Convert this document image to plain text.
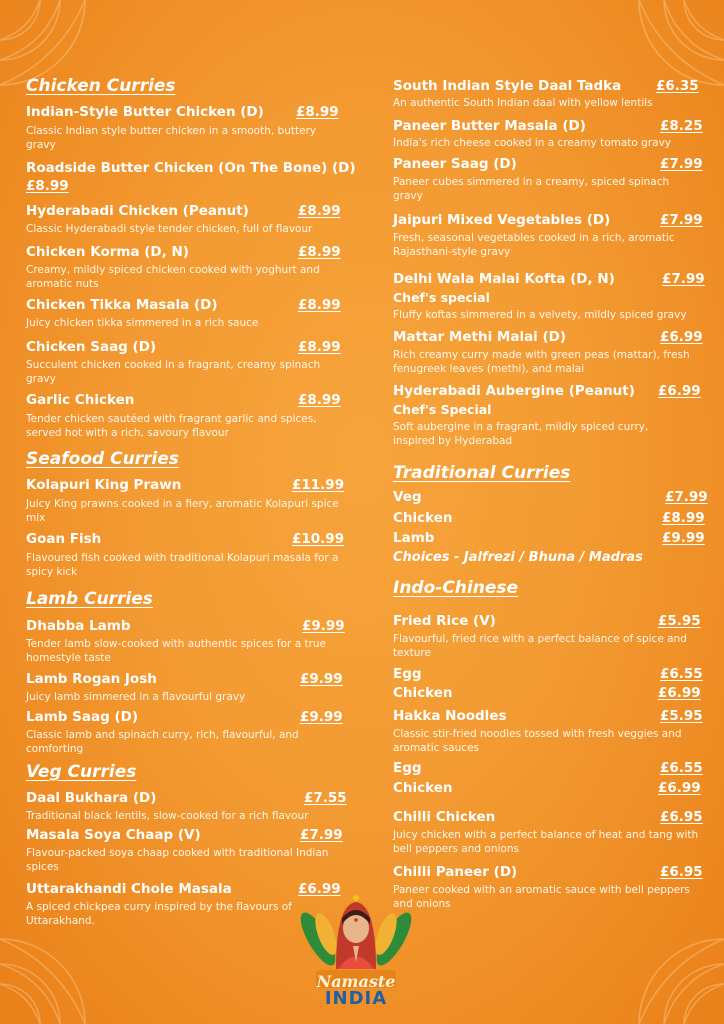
Chicken Curries
Indian-Style Butter Chicken (D) £8.99
Classic Indian style butter chicken in a smooth, buttery gravy
Roadside Butter Chicken (On The Bone) (D)
£8.99
Hyderabadi Chicken (Peanut)	£8.99
Classic Hyderabadi style tender chicken, full of flavour
Chicken Korma (D, N)	£8.99
Creamy, mildly spiced chicken cooked with yoghurt and aromatic nuts
Chicken Tikka Masala (D)	£8.99
Juicy chicken tikka simmered in a rich sauce
Chicken Saag (D)	£8.99
Succulent chicken cooked in a fragrant, creamy spinach gravy
Garlic Chicken	£8.99
Tender chicken sautéed with fragrant garlic and spices, served hot with a rich, savoury flavour
Seafood Curries
Kolapuri King Prawn	£11.99
Juicy King prawns cooked in a fiery, aromatic Kolapuri spice mix
Goan Fish	£10.99
Flavoured fish cooked with traditional Kolapuri masala for a spicy kick
Lamb Curries
Dhabba Lamb	£9.99
Tender lamb slow-cooked with authentic spices for a true homestyle taste
Lamb Rogan Josh	£9.99
Juicy lamb simmered in a flavourful gravy
Lamb Saag (D)	£9.99
Classic lamb and spinach curry, rich, flavourful, and comforting
Veg Curries
Daal Bukhara (D)	£7.55
Traditional black lentils, slow-cooked for a rich flavour
Masala Soya Chaap (V)	£7.99
Flavour-packed soya chaap cooked with traditional Indian spices
Uttarakhandi Chole Masala	£6.99
A spiced chickpea curry inspired by the flavours of Uttarakhand.
South Indian Style Daal Tadka	£6.35
An authentic South Indian daal with yellow lentils
Paneer Butter Masala (D)	£8.25
India's rich cheese cooked in a creamy tomato gravy
Paneer Saag (D)	£7.99
Paneer cubes simmered in a creamy, spiced spinach gravy
Jaipuri Mixed Vegetables (D)	£7.99
Fresh, seasonal vegetables cooked in a rich, aromatic Rajasthani-style gravy
Delhi Wala Malai Kofta (D, N)	£7.99
Chef's special
Fluffy koftas simmered in a velvety, mildly spiced gravy
Mattar Methi Malai (D)	£6.99
Rich creamy curry made with green peas (mattar), fresh fenugreek leaves (methi), and malai
Hyderabadi Aubergine (Peanut) £6.99
Chef's Special
Soft aubergine in a fragrant, mildly spiced curry, inspired by Hyderabad
Traditional Curries
Veg	£7.99
Chicken	£8.99
Lamb	£9.99
Choices - Jalfrezi / Bhuna / Madras
Indo-Chinese
Fried Rice (V)	£5.95
Flavourful, fried rice with a perfect balance of spice and texture
Egg	£6.55
Chicken	£6.99
Hakka Noodles	£5.95
Classic stir-fried noodles tossed with fresh veggies and aromatic sauces
Egg	£6.55
Chicken	£6.99
Chilli Chicken	£6.95
Juicy chicken with a perfect balance of heat and tang with bell peppers and onions
Chilli Paneer (D)	£6.95
Paneer cooked with an aromatic sauce with bell peppers and onions
Namaste
INDIA
